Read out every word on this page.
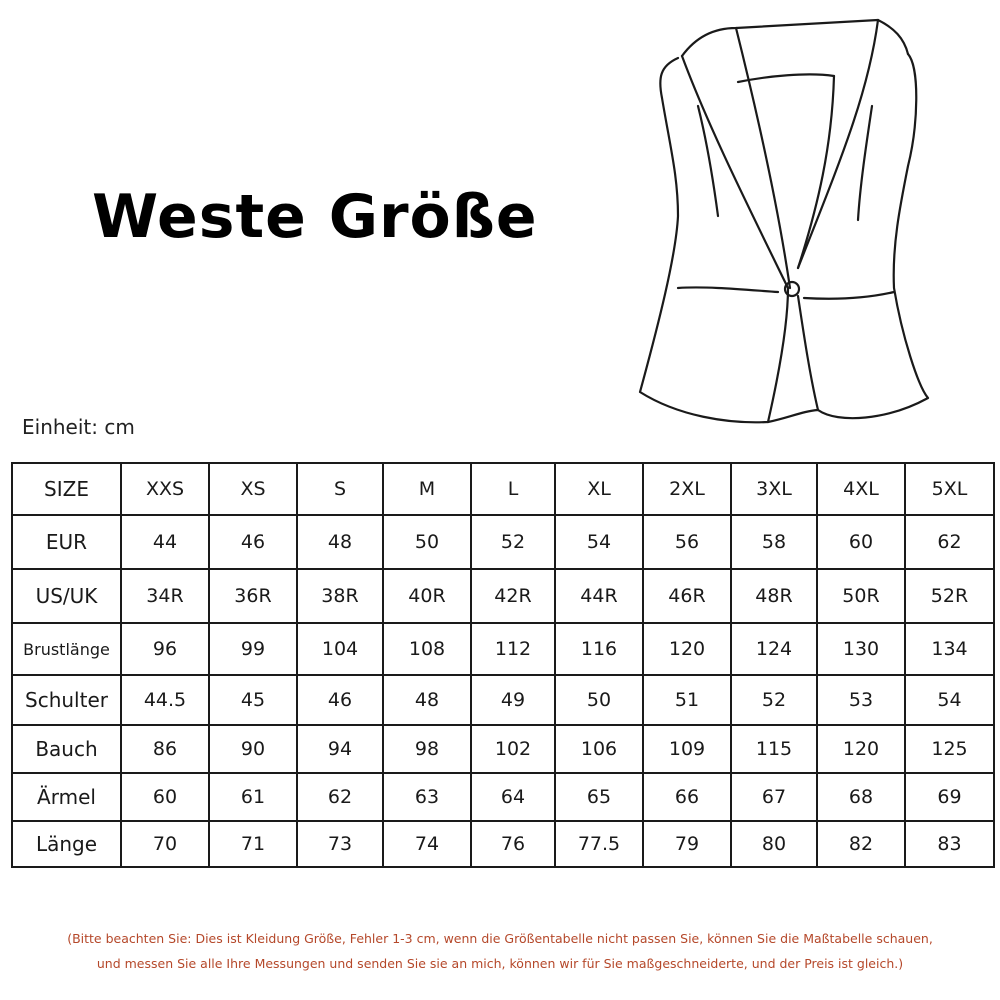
Weste Größe
Einheit: cm
SIZE	XXS	XS	S	M	L	XL	2XL	3XL	4XL	5XL
EUR	44	46	48	50	52	54	56	58	60	62
US/UK	34R	36R	38R	40R	42R	44R	46R	48R	50R	52R
Brustlänge	96	99	104	108	112	116	120	124	130	134
Schulter	44.5	45	46	48	49	50	51	52	53	54
Bauch	86	90	94	98	102	106	109	115	120	125
Ärmel	60	61	62	63	64	65	66	67	68	69
Länge	70	71	73	74	76	77.5	79	80	82	83
(Bitte beachten Sie: Dies ist Kleidung Größe, Fehler 1-3 cm, wenn die Größentabelle nicht passen Sie, können Sie die Maßtabelle schauen,
und messen Sie alle Ihre Messungen und senden Sie sie an mich, können wir für Sie maßgeschneiderte, und der Preis ist gleich.)
